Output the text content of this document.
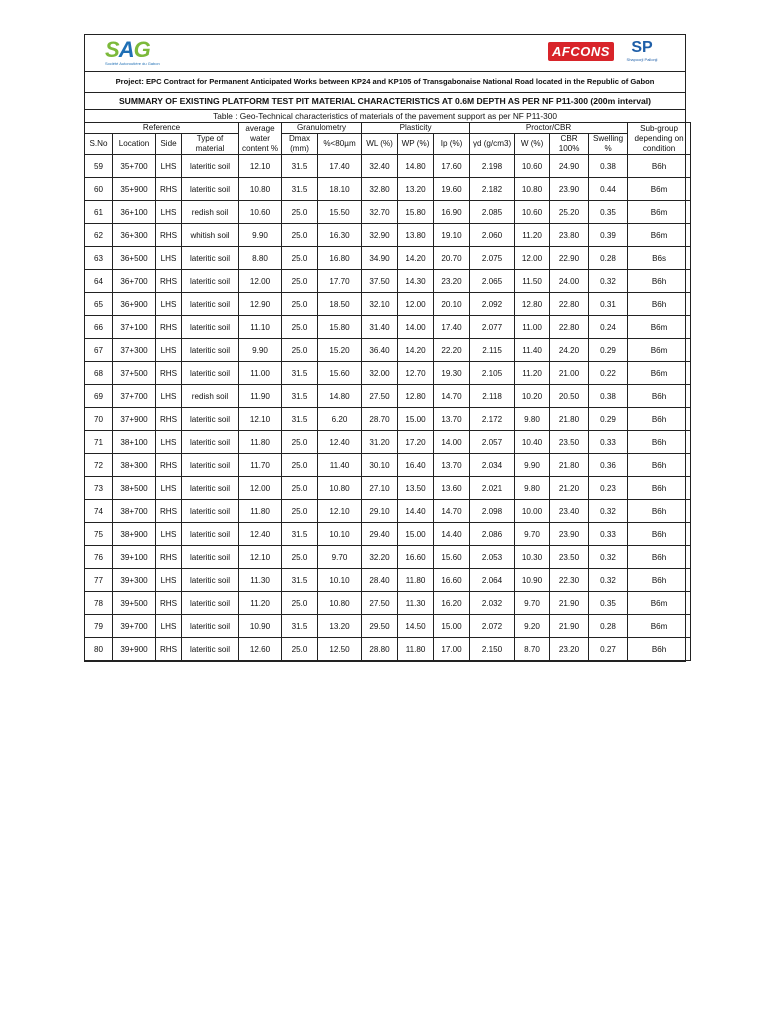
SAG
Société Autoroutière du Gabon
AFCONS	SP
Shapoorji Pallonji
Project: EPC Contract for Permanent Anticipated Works between KP24 and KP105 of Transgabonaise National Road located in the Republic of Gabon
SUMMARY OF EXISTING PLATFORM TEST PIT MATERIAL CHARACTERISTICS AT 0.6M DEPTH AS PER NF P11-300 (200m interval)
Table : Geo-Technical characteristics of materials of the pavement support as per NF P11-300
Reference				average water content %	Granulometry		Plasticity			Proctor/CBR				Sub-group depending on condition
S.No	Location	Side	Type of material		Dmax (mm)	%<80µm	WL (%)	WP (%)	Ip (%)	γd (g/cm3)	W (%)	CBR 100%	Swelling %	
59	35+700	LHS	lateritic soil	12.10	31.5	17.40	32.40	14.80	17.60	2.198	10.60	24.90	0.38	B6h
60	35+900	RHS	lateritic soil	10.80	31.5	18.10	32.80	13.20	19.60	2.182	10.80	23.90	0.44	B6m
61	36+100	LHS	redish soil	10.60	25.0	15.50	32.70	15.80	16.90	2.085	10.60	25.20	0.35	B6m
62	36+300	RHS	whitish soil	9.90	25.0	16.30	32.90	13.80	19.10	2.060	11.20	23.80	0.39	B6m
63	36+500	LHS	lateritic soil	8.80	25.0	16.80	34.90	14.20	20.70	2.075	12.00	22.90	0.28	B6s
64	36+700	RHS	lateritic soil	12.00	25.0	17.70	37.50	14.30	23.20	2.065	11.50	24.00	0.32	B6h
65	36+900	LHS	lateritic soil	12.90	25.0	18.50	32.10	12.00	20.10	2.092	12.80	22.80	0.31	B6h
66	37+100	RHS	lateritic soil	11.10	25.0	15.80	31.40	14.00	17.40	2.077	11.00	22.80	0.24	B6m
67	37+300	LHS	lateritic soil	9.90	25.0	15.20	36.40	14.20	22.20	2.115	11.40	24.20	0.29	B6m
68	37+500	RHS	lateritic soil	11.00	31.5	15.60	32.00	12.70	19.30	2.105	11.20	21.00	0.22	B6m
69	37+700	LHS	redish soil	11.90	31.5	14.80	27.50	12.80	14.70	2.118	10.20	20.50	0.38	B6h
70	37+900	RHS	lateritic soil	12.10	31.5	6.20	28.70	15.00	13.70	2.172	9.80	21.80	0.29	B6h
71	38+100	LHS	lateritic soil	11.80	25.0	12.40	31.20	17.20	14.00	2.057	10.40	23.50	0.33	B6h
72	38+300	RHS	lateritic soil	11.70	25.0	11.40	30.10	16.40	13.70	2.034	9.90	21.80	0.36	B6h
73	38+500	LHS	lateritic soil	12.00	25.0	10.80	27.10	13.50	13.60	2.021	9.80	21.20	0.23	B6h
74	38+700	RHS	lateritic soil	11.80	25.0	12.10	29.10	14.40	14.70	2.098	10.00	23.40	0.32	B6h
75	38+900	LHS	lateritic soil	12.40	31.5	10.10	29.40	15.00	14.40	2.086	9.70	23.90	0.33	B6h
76	39+100	RHS	lateritic soil	12.10	25.0	9.70	32.20	16.60	15.60	2.053	10.30	23.50	0.32	B6h
77	39+300	LHS	lateritic soil	11.30	31.5	10.10	28.40	11.80	16.60	2.064	10.90	22.30	0.32	B6h
78	39+500	RHS	lateritic soil	11.20	25.0	10.80	27.50	11.30	16.20	2.032	9.70	21.90	0.35	B6m
79	39+700	LHS	lateritic soil	10.90	31.5	13.20	29.50	14.50	15.00	2.072	9.20	21.90	0.28	B6m
80	39+900	RHS	lateritic soil	12.60	25.0	12.50	28.80	11.80	17.00	2.150	8.70	23.20	0.27	B6h
